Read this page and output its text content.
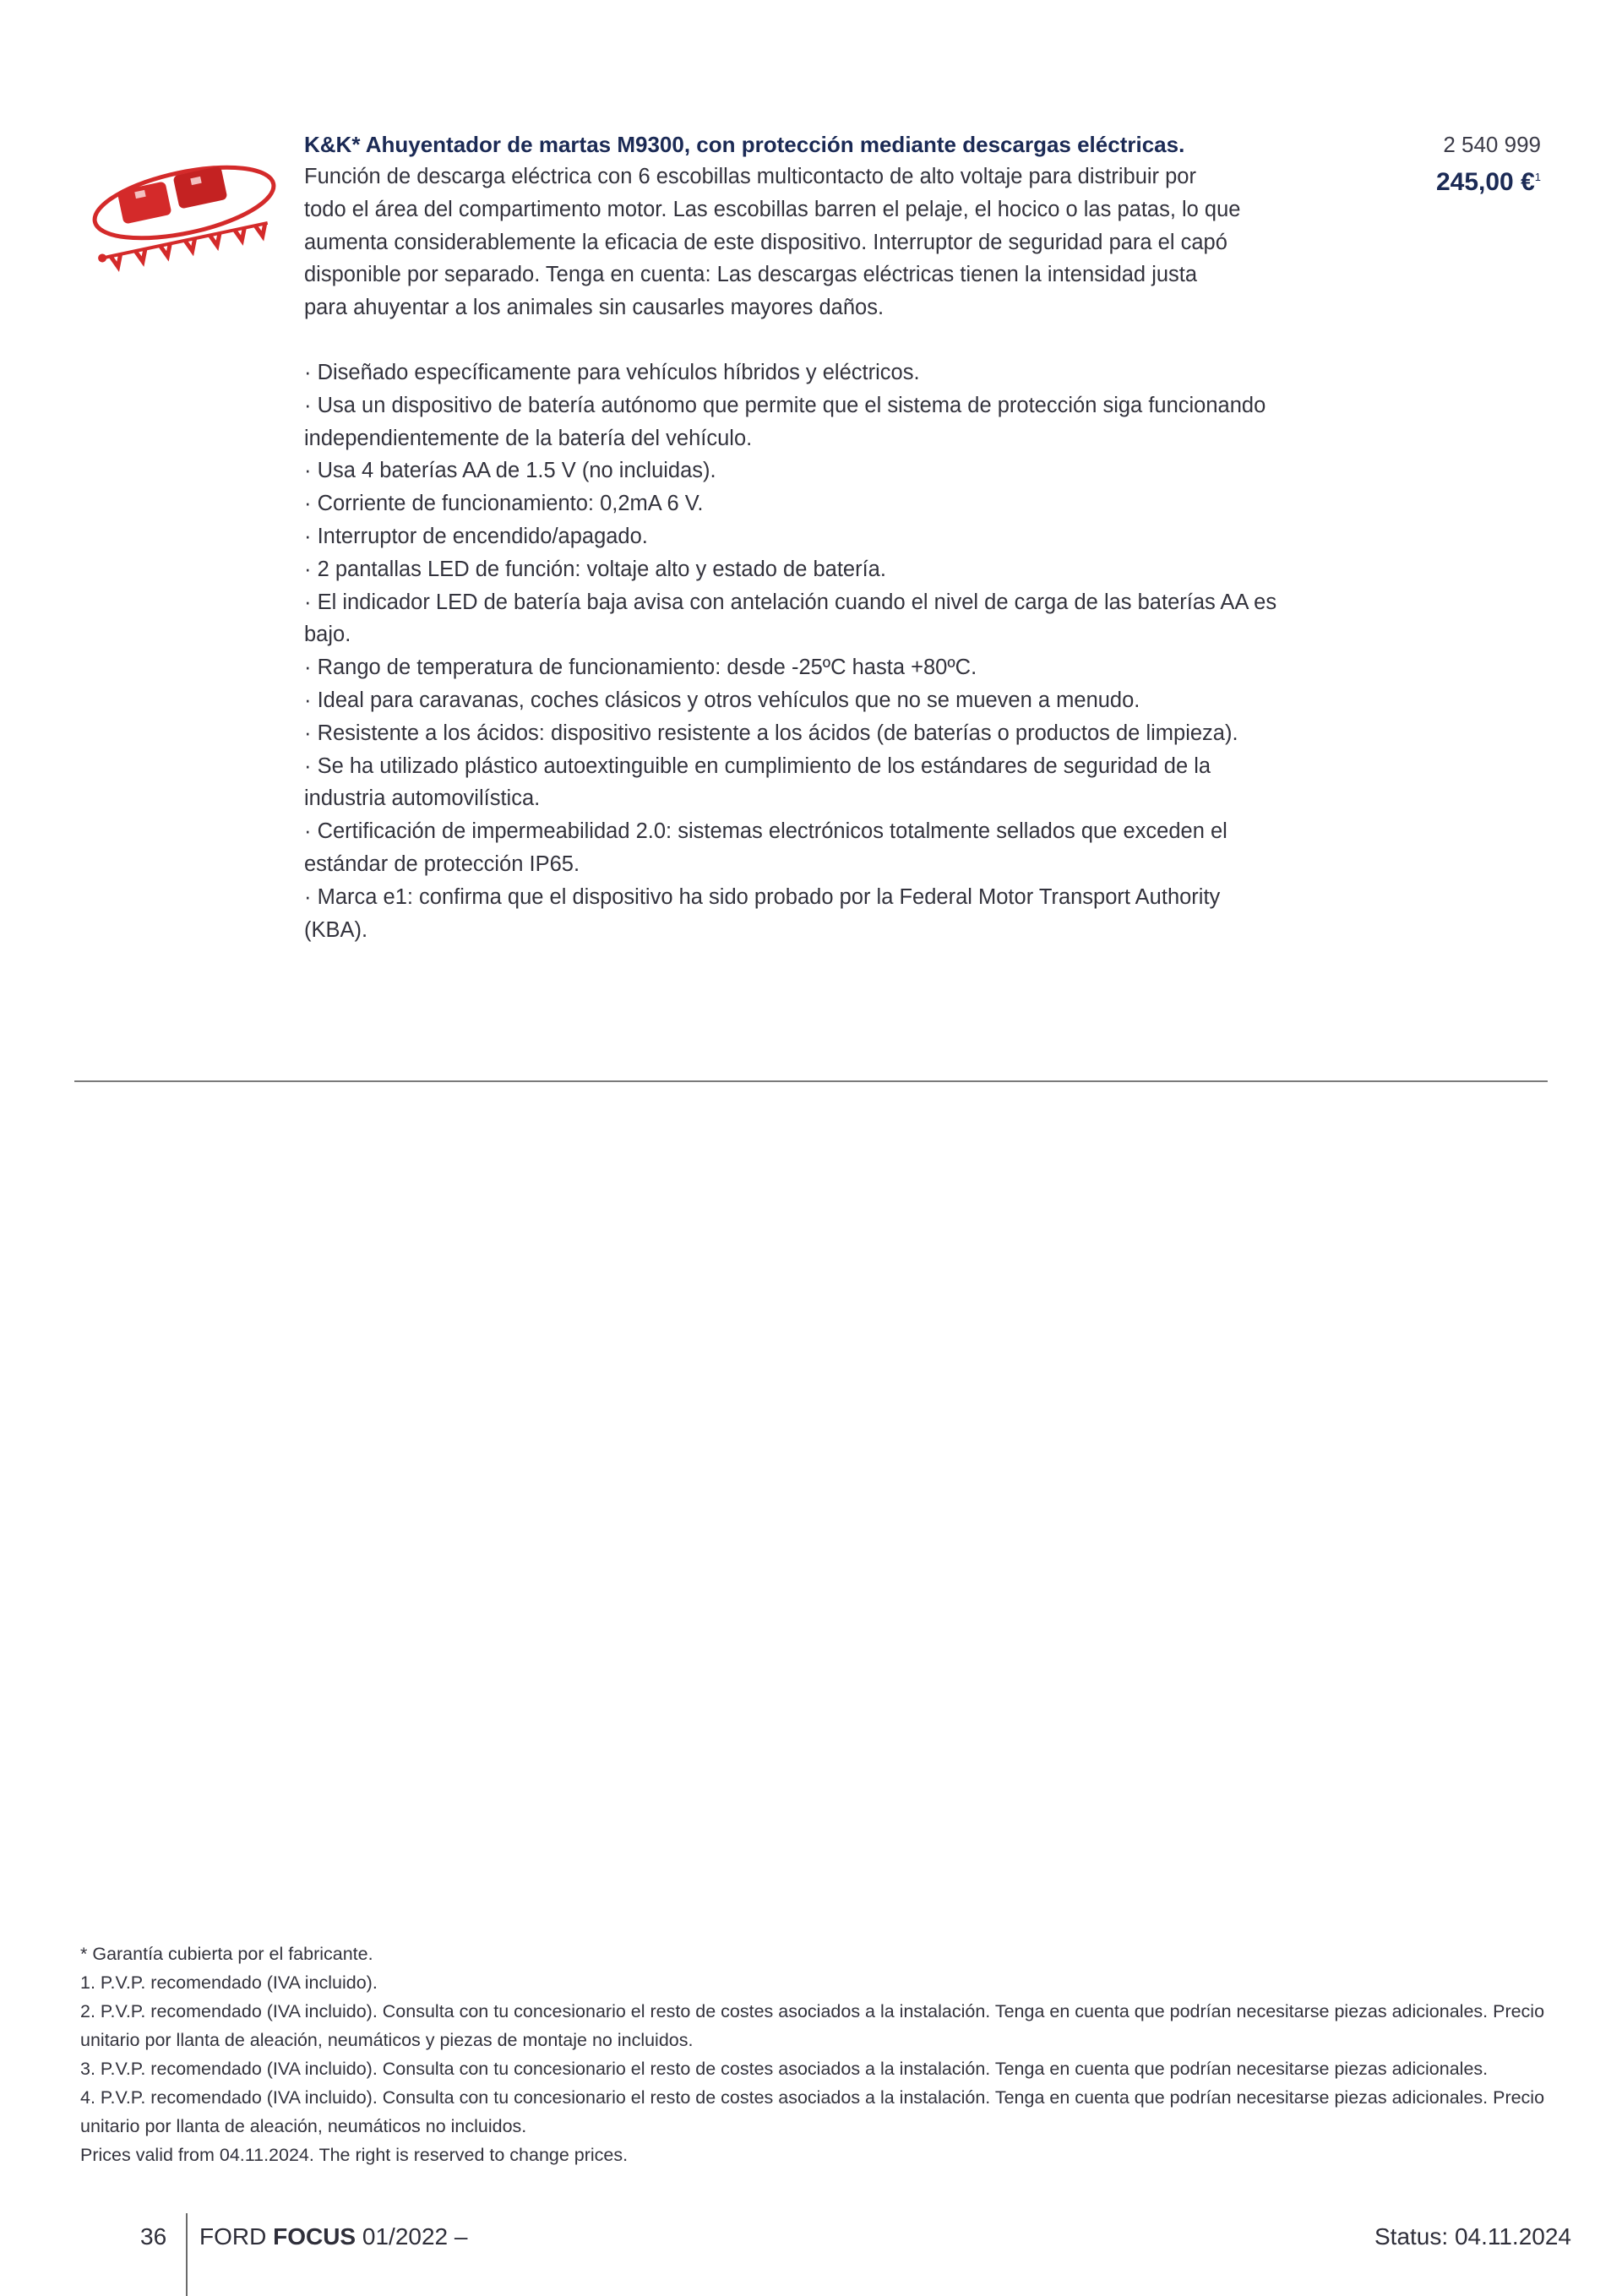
K&K* Ahuyentador de martas M9300, con protección mediante descargas eléctricas.

Función de descarga eléctrica con 6 escobillas multicontacto de alto voltaje para distribuir por todo el área del compartimento motor. Las escobillas barren el pelaje, el hocico o las patas, lo que aumenta considerablemente la eficacia de este dispositivo. Interruptor de seguridad para el capó disponible por separado. Tenga en cuenta: Las descargas eléctricas tienen la intensidad justa para ahuyentar a los animales sin causarles mayores daños.

· Diseñado específicamente para vehículos híbridos y eléctricos.
· Usa un dispositivo de batería autónomo que permite que el sistema de protección siga funcionando independientemente de la batería del vehículo.
· Usa 4 baterías AA de 1.5 V (no incluidas).
· Corriente de funcionamiento: 0,2mA 6 V.
· Interruptor de encendido/apagado.
· 2 pantallas LED de función: voltaje alto y estado de batería.
· El indicador LED de batería baja avisa con antelación cuando el nivel de carga de las baterías AA es bajo.
· Rango de temperatura de funcionamiento: desde -25ºC hasta +80ºC.
· Ideal para caravanas, coches clásicos y otros vehículos que no se mueven a menudo.
· Resistente a los ácidos: dispositivo resistente a los ácidos (de baterías o productos de limpieza).
· Se ha utilizado plástico autoextinguible en cumplimiento de los estándares de seguridad de la industria automovilística.
· Certificación de impermeabilidad 2.0: sistemas electrónicos totalmente sellados que exceden el estándar de protección IP65.
· Marca e1: confirma que el dispositivo ha sido probado por la Federal Motor Transport Authority (KBA).
2 540 999
245,00 €$^1$

* Garantía cubierta por el fabricante.

1. P.V.P. recomendado (IVA incluido).

2. P.V.P. recomendado (IVA incluido). Consulta con tu concesionario el resto de costes asociados a la instalación. Tenga en cuenta que podrían necesitarse piezas adicionales. Precio unitario por llanta de aleación, neumáticos y piezas de montaje no incluidos.

3. P.V.P. recomendado (IVA incluido). Consulta con tu concesionario el resto de costes asociados a la instalación. Tenga en cuenta que podrían necesitarse piezas adicionales.

4. P.V.P. recomendado (IVA incluido). Consulta con tu concesionario el resto de costes asociados a la instalación. Tenga en cuenta que podrían necesitarse piezas adicionales. Precio unitario por llanta de aleación, neumáticos no incluidos.

Prices valid from 04.11.2024. The right is reserved to change prices.

36 FORD FOCUS 01/2022 –	Status: 04.11.2024
